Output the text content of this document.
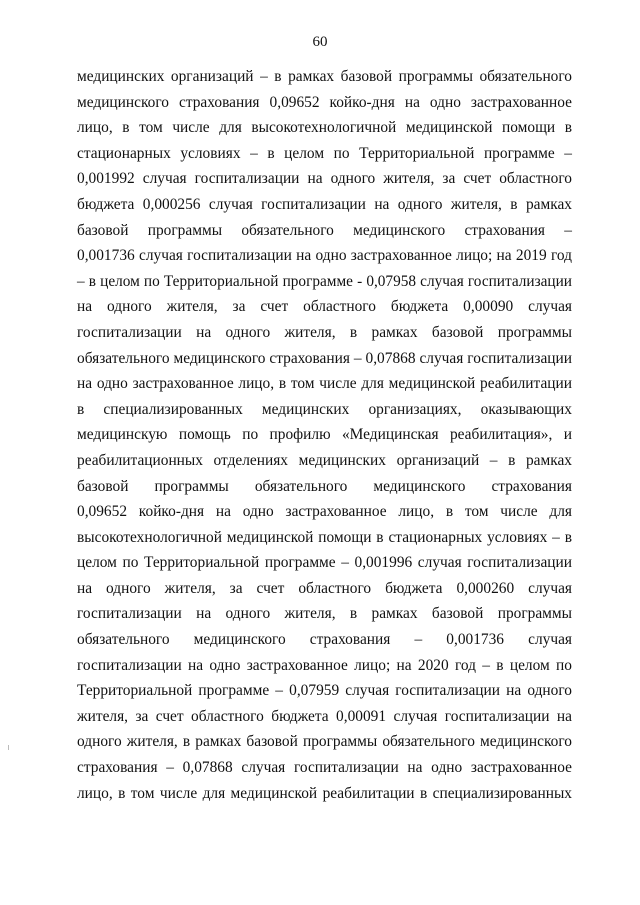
60
медицинских организаций – в рамках базовой программы обязательного
медицинского страхования 0,09652 койко-дня на одно застрахованное
лицо, в том числе для высокотехнологичной медицинской помощи в
стационарных условиях – в целом по Территориальной программе –
0,001992 случая госпитализации на одного жителя, за счет областного
бюджета 0,000256 случая госпитализации на одного жителя, в рамках
базовой программы обязательного медицинского страхования –
0,001736 случая госпитализации на одно застрахованное лицо; на 2019 год
– в целом по Территориальной программе - 0,07958 случая госпитализации
на одного жителя, за счет областного бюджета 0,00090 случая
госпитализации на одного жителя, в рамках базовой программы
обязательного медицинского страхования – 0,07868 случая госпитализации
на одно застрахованное лицо, в том числе для медицинской реабилитации
в специализированных медицинских организациях, оказывающих
медицинскую помощь по профилю «Медицинская реабилитация», и
реабилитационных отделениях медицинских организаций – в рамках
базовой программы обязательного медицинского страхования
0,09652 койко-дня на одно застрахованное лицо, в том числе для
высокотехнологичной медицинской помощи в стационарных условиях – в
целом по Территориальной программе – 0,001996 случая госпитализации
на одного жителя, за счет областного бюджета 0,000260 случая
госпитализации на одного жителя, в рамках базовой программы
обязательного медицинского страхования – 0,001736 случая
госпитализации на одно застрахованное лицо; на 2020 год – в целом по
Территориальной программе – 0,07959 случая госпитализации на одного
жителя, за счет областного бюджета 0,00091 случая госпитализации на
одного жителя, в рамках базовой программы обязательного медицинского
страхования – 0,07868 случая госпитализации на одно застрахованное
лицо, в том числе для медицинской реабилитации в специализированных
